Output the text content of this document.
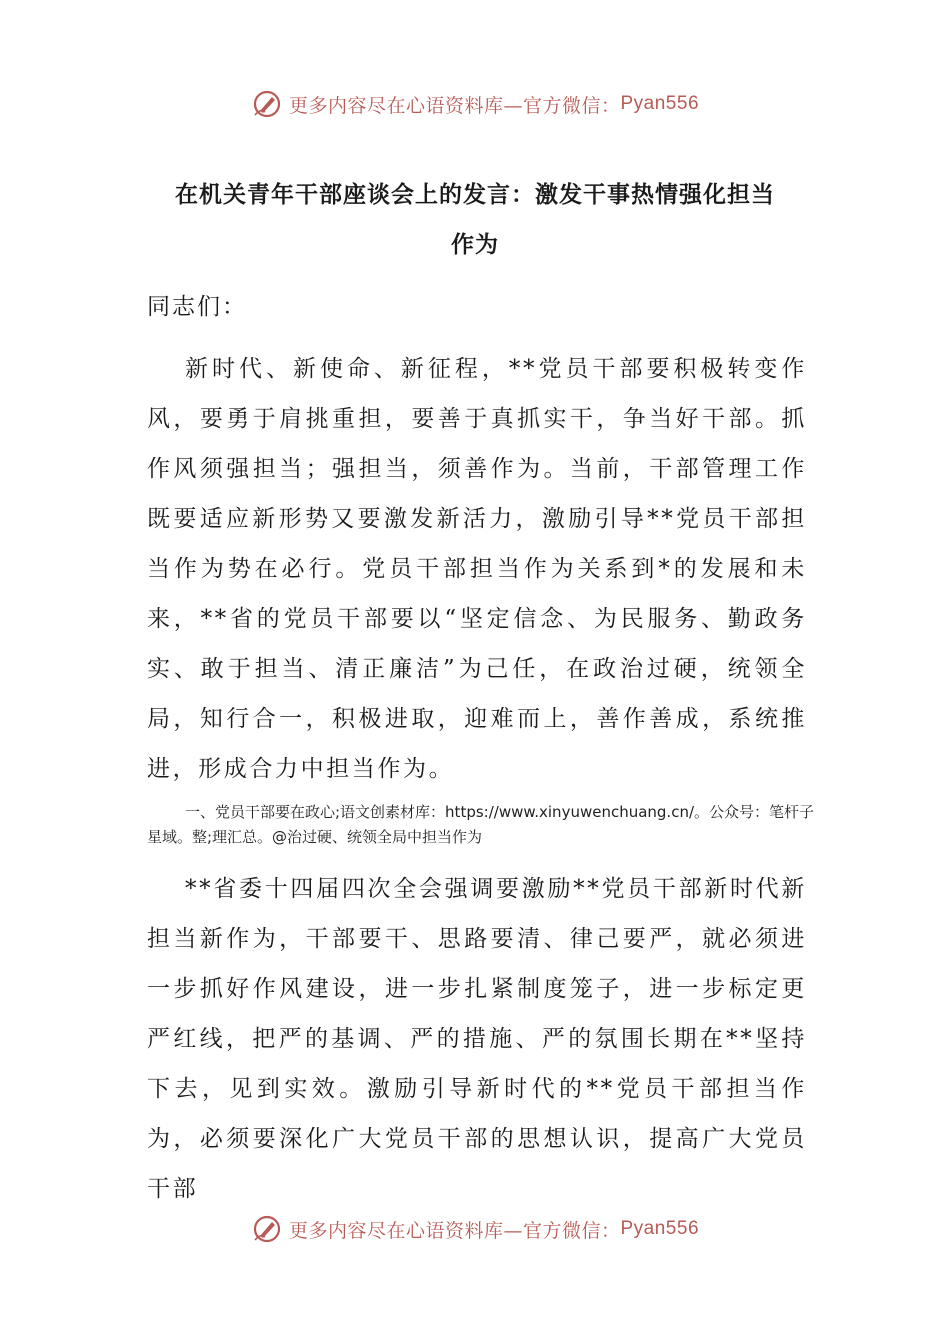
更多内容尽在心语资料库—官方微信： Pyan556
在机关青年干部座谈会上的发言：激发干事热情强化担当
作为

同志们：

新时代、新使命、新征程，**党员干部要积极转变作风，要勇于肩挑重担，要善于真抓实干，争当好干部。抓作风须强担当；强担当，须善作为。当前，干部管理工作既要适应新形势又要激发新活力，激励引导**党员干部担当作为势在必行。党员干部担当作为关系到*的发展和未来，**省的党员干部要以“坚定信念、为民服务、勤政务实、敢于担当、清正廉洁”为己任，在政治过硬，统领全局，知行合一，积极进取，迎难而上，善作善成，系统推进，形成合力中担当作为。

一、党员干部要在政心;语文创素材库：https://www.xinyuwenchuang.cn/。公众号：笔杆子星域。整;理汇总。@治过硬、统领全局中担当作为

**省委十四届四次全会强调要激励**党员干部新时代新担当新作为，干部要干、思路要清、律己要严，就必须进一步抓好作风建设，进一步扎紧制度笼子，进一步标定更严红线，把严的基调、严的措施、严的氛围长期在**坚持下去，见到实效。激励引导新时代的**党员干部担当作为，必须要深化广大党员干部的思想认识，提高广大党员干部

更多内容尽在心语资料库—官方微信： Pyan556
